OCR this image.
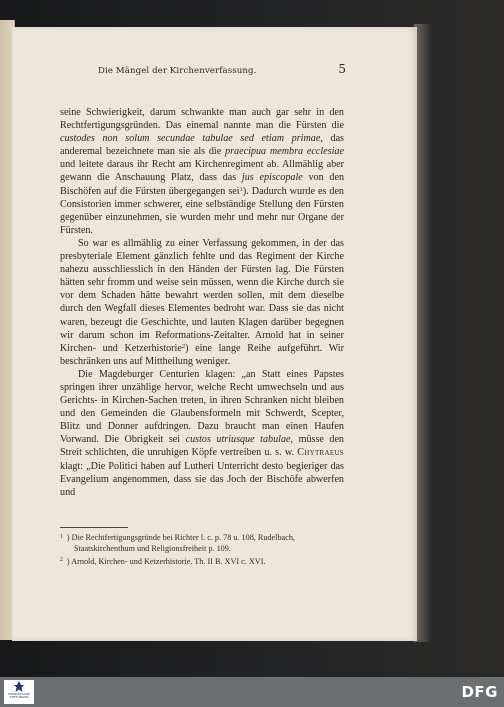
Die Mängel der Kirchenverfassung.	5

seine Schwierigkeit, darum schwankte man auch gar sehr in den Rechtfertigungsgründen. Das einemal nannte man die Fürsten die custodes non solum secundae tabulae sed etiam primae, das anderemal bezeichnete man sie als die praecipua membra ecclesiae und leitete daraus ihr Recht am Kirchenregiment ab. Allmählig aber gewann die Anschauung Platz, dass das jus episcopale von den Bischöfen auf die Fürsten übergegangen sei$^1$). Dadurch wurde es den Consistorien immer schwerer, eine selbständige Stellung den Fürsten gegenüber einzunehmen, sie wurden mehr und mehr nur Organe der Fürsten.

So war es allmählig zu einer Verfassung gekommen, in der das presbyteriale Element gänzlich fehlte und das Regiment der Kirche nahezu ausschliesslich in den Händen der Fürsten lag. Die Fürsten hätten sehr fromm und weise sein müssen, wenn die Kirche durch sie vor dem Schaden hätte bewahrt werden sollen, mit dem dieselbe durch den Wegfall dieses Elementes bedroht war. Dass sie das nicht waren, bezeugt die Geschichte, und lauten Klagen darüber begegnen wir darum schon im Reformations-Zeitalter. Arnold hat in seiner Kirchen- und Ketzerhistorie$^2$) eine lange Reihe aufgeführt. Wir beschränken uns auf Mittheilung weniger.

Die Magdeburger Centurien klagen: „an Statt eines Papstes springen ihrer unzählige hervor, welche Recht umwechseln und aus Gerichts- in Kirchen-Sachen treten, in ihren Schranken nicht bleiben und den Gemeinden die Glaubensformeln mit Schwerdt, Scepter, Blitz und Donner aufdringen. Dazu braucht man einen Haufen Vorwand. Die Obrigkeit sei custos utriusque tabulae, müsse den Streit schlichten, die unruhigen Köpfe vertreiben u. s. w. Chytraeus klagt: „Die Politici haben auf Lutheri Unterricht desto begieriger das Evangelium angenommen, dass sie das Joch der Bischöfe abwerfen und

$^1$ ) Die Rechtfertigungsgründe bei Richter l. c. p. 78 u. 108, Rudelbach, Staatskirchenthum und Religionsfreiheit p. 109.

$^2$ ) Arnold, Kirchen- und Ketzerhistorie. Th. II B. XVI c. XVI.

FRANCKESCHE STIFTUNGEN	DFG
